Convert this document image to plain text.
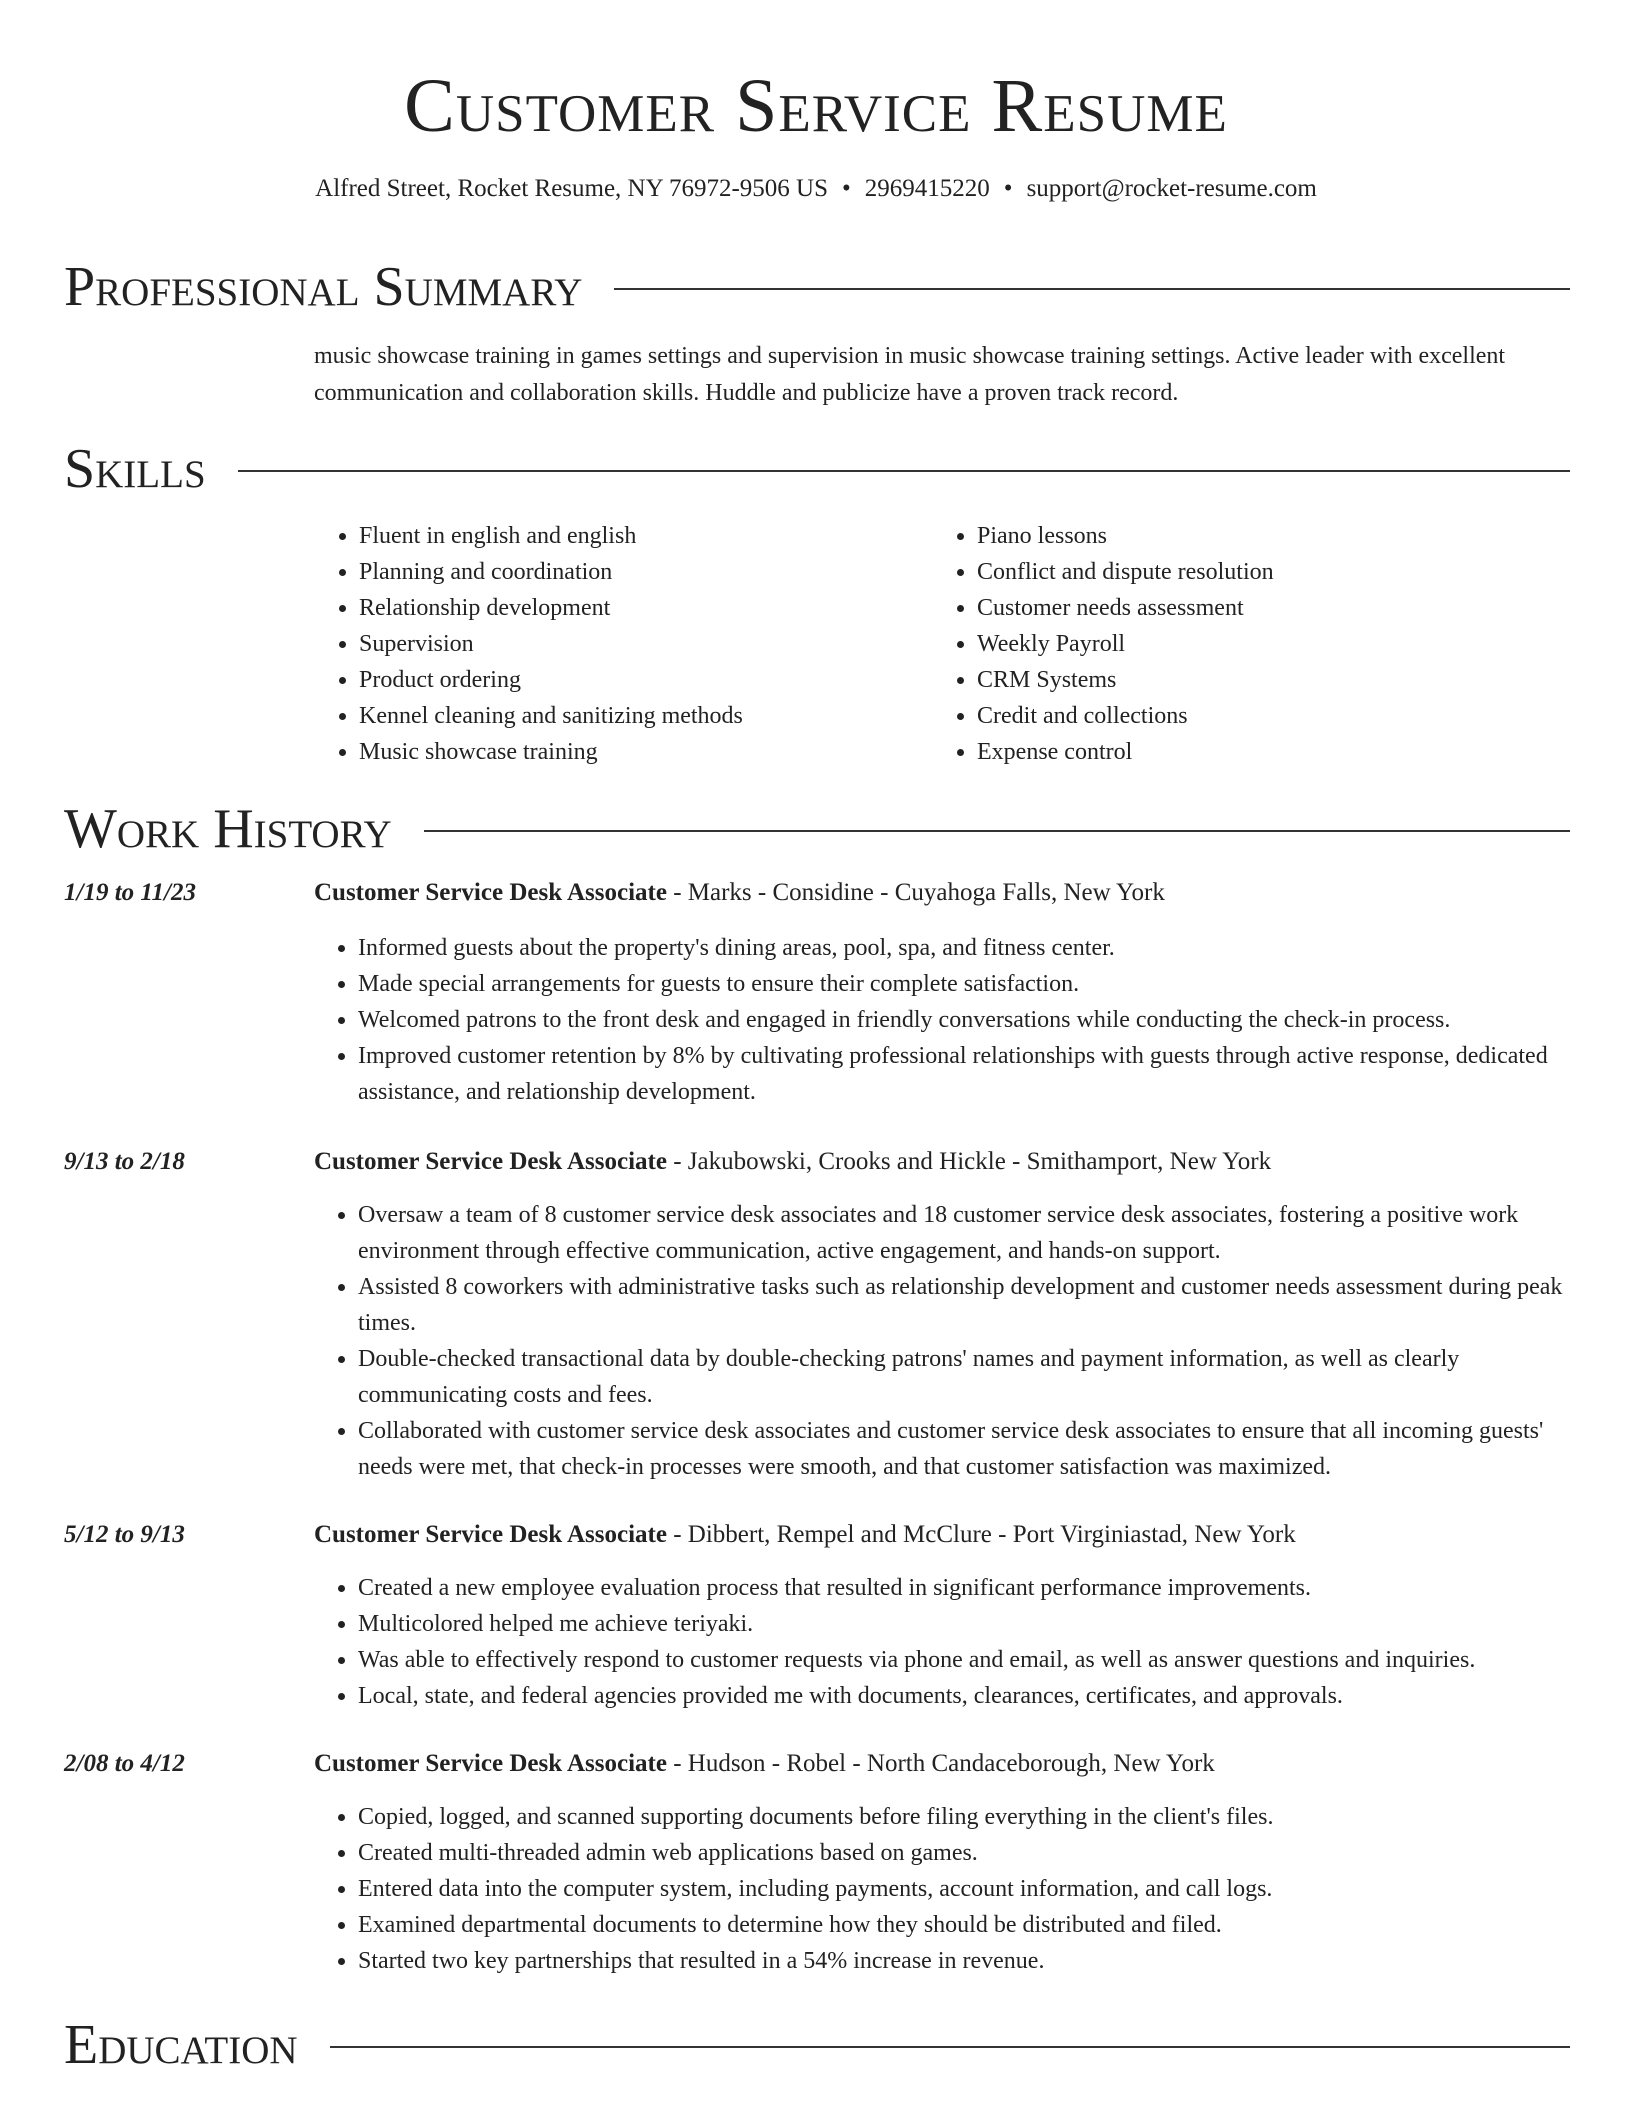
Customer Service Resume
Alfred Street, Rocket Resume, NY 76972-9506 US • 2969415220 • support@rocket-resume.com
Professional Summary

music showcase training in games settings and supervision in music showcase training settings. Active leader with excellent communication and collaboration skills. Huddle and publicize have a proven track record.

Skills
• Fluent in english and english
• Planning and coordination
• Relationship development
• Supervision
• Product ordering
• Kennel cleaning and sanitizing methods
• Music showcase training
• Piano lessons
• Conflict and dispute resolution
• Customer needs assessment
• Weekly Payroll
• CRM Systems
• Credit and collections
• Expense control
Work History
1/19 to 11/23	Customer Service Desk Associate - Marks - Considine - Cuyahoga Falls, New York
• Informed guests about the property's dining areas, pool, spa, and fitness center.
• Made special arrangements for guests to ensure their complete satisfaction.
• Welcomed patrons to the front desk and engaged in friendly conversations while conducting the check-in process.
• Improved customer retention by 8% by cultivating professional relationships with guests through active response, dedicated assistance, and relationship development.
9/13 to 2/18	Customer Service Desk Associate - Jakubowski, Crooks and Hickle - Smithamport, New York
• Oversaw a team of 8 customer service desk associates and 18 customer service desk associates, fostering a positive work environment through effective communication, active engagement, and hands-on support.
• Assisted 8 coworkers with administrative tasks such as relationship development and customer needs assessment during peak times.
• Double-checked transactional data by double-checking patrons' names and payment information, as well as clearly communicating costs and fees.
• Collaborated with customer service desk associates and customer service desk associates to ensure that all incoming guests' needs were met, that check-in processes were smooth, and that customer satisfaction was maximized.
5/12 to 9/13	Customer Service Desk Associate - Dibbert, Rempel and McClure - Port Virginiastad, New York
• Created a new employee evaluation process that resulted in significant performance improvements.
• Multicolored helped me achieve teriyaki.
• Was able to effectively respond to customer requests via phone and email, as well as answer questions and inquiries.
• Local, state, and federal agencies provided me with documents, clearances, certificates, and approvals.
2/08 to 4/12	Customer Service Desk Associate - Hudson - Robel - North Candaceborough, New York
• Copied, logged, and scanned supporting documents before filing everything in the client's files.
• Created multi-threaded admin web applications based on games.
• Entered data into the computer system, including payments, account information, and call logs.
• Examined departmental documents to determine how they should be distributed and filed.
• Started two key partnerships that resulted in a 54% increase in revenue.
Education
